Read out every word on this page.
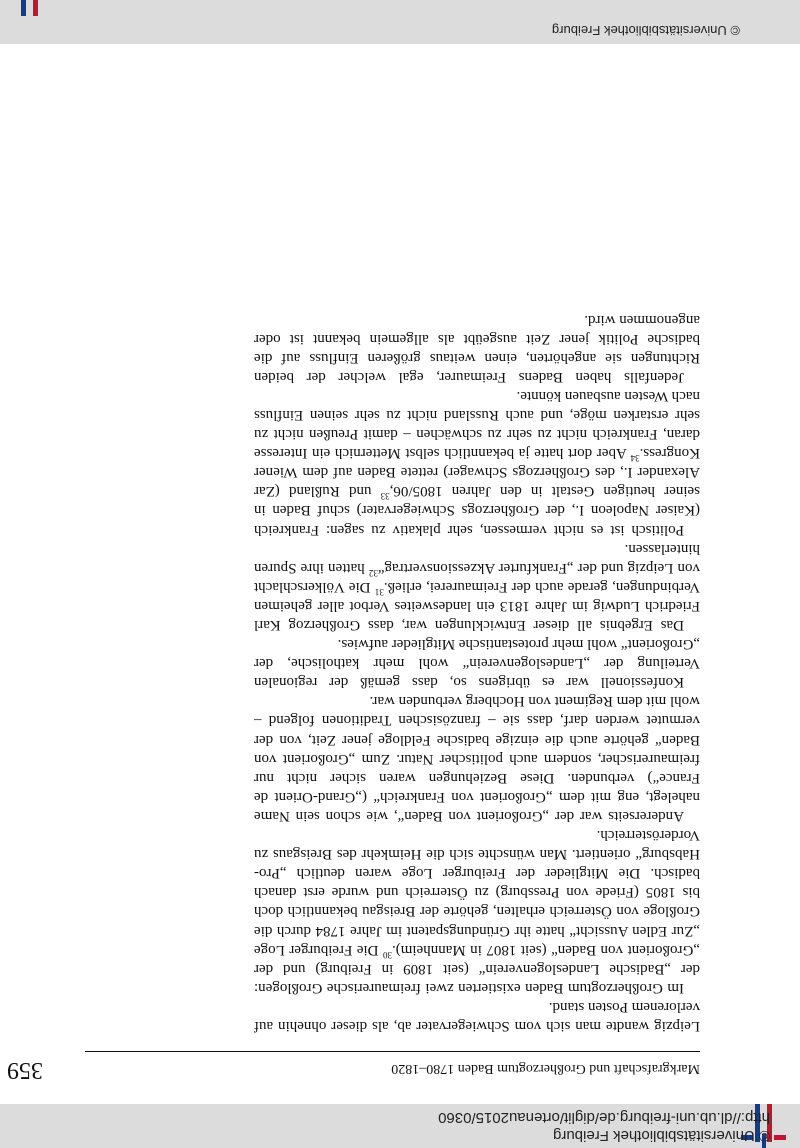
© Universitätsbibliothek Freiburg
http://dl.ub.uni-freiburg.de/diglit/ortenau2015/0360
© Universitätsbibliothek Freiburg
Markgrafschaft und Großherzogtum Baden 1780–1820
359

Leipzig wandte man sich vom Schwiegervater ab, als dieser ohnehin auf verlorenem Posten stand.

Im Großherzogtum Baden existierten zwei freimaurerische Großlogen: der „Badische Landeslogenverein“ (seit 1809 in Freiburg) und der „Großorient von Baden“ (seit 1807 in Mannheim).$^{30}$ Die Freiburger Loge „Zur Edlen Aussicht“ hatte ihr Gründungspatent im Jahre 1784 durch die Großloge von Österreich erhalten, gehörte der Breisgau bekanntlich doch bis 1805 (Friede von Pressburg) zu Österreich und wurde erst danach badisch. Die Mitglieder der Freiburger Loge waren deutlich „Pro-Habsburg“ orientiert. Man wünschte sich die Heimkehr des Breisgaus zu Vorderösterreich.

Andererseits war der „Großorient von Baden“, wie schon sein Name nahelegt, eng mit dem „Großorient von Frankreich“ („Grand-Orient de France“) verbunden. Diese Beziehungen waren sicher nicht nur freimaurerischer, sondern auch politischer Natur. Zum „Großorient von Baden“ gehörte auch die einzige badische Feldloge jener Zeit, von der vermutet werden darf, dass sie – französischen Traditionen folgend – wohl mit dem Regiment von Hochberg verbunden war.

Konfessionell war es übrigens so, dass gemäß der regionalen Verteilung der „Landeslogenverein“ wohl mehr katholische, der „Großorient“ wohl mehr protestantische Mitglieder aufwies.

Das Ergebnis all dieser Entwicklungen war, dass Großherzog Karl Friedrich Ludwig im Jahre 1813 ein landesweites Verbot aller geheimen Verbindungen, gerade auch der Freimaurerei, erließ.$^{31}$ Die Völkerschlacht von Leipzig und der „Frankfurter Akzessionsvertrag“$^{32}$ hatten ihre Spuren hinterlassen.

Politisch ist es nicht vermessen, sehr plakativ zu sagen: Frankreich (Kaiser Napoleon I., der Großherzogs Schwiegervater) schuf Baden in seiner heutigen Gestalt in den Jahren 1805/06,33 und Rußland (Zar Alexander I., des Großherzogs Schwager) rettete Baden auf dem Wiener Kongress.$^{34}$ Aber dort hatte ja bekanntlich selbst Metternich ein Interesse daran, Frankreich nicht zu sehr zu schwächen – damit Preußen nicht zu sehr erstarken möge, und auch Russland nicht zu sehr seinen Einfluss nach Westen ausbauen könnte.

Jedenfalls haben Badens Freimaurer, egal welcher der beiden Richtungen sie angehörten, einen weitaus größeren Einfluss auf die badische Politik jener Zeit ausgeübt als allgemein bekannt ist oder angenommen wird.
